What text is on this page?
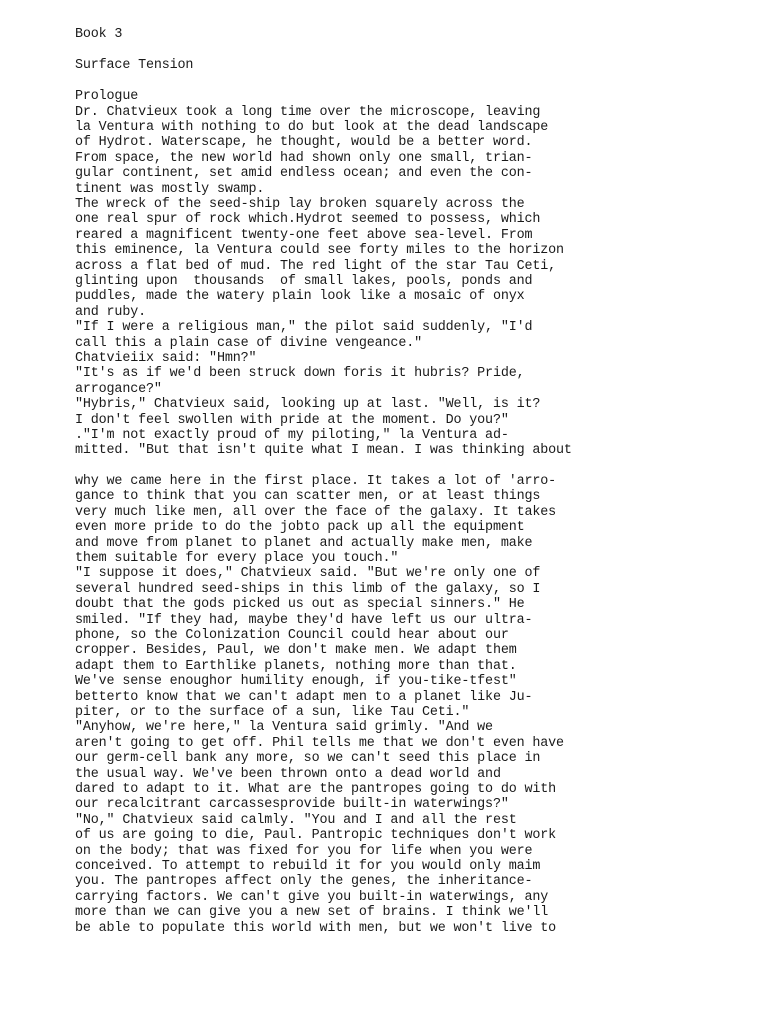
Book 3

Surface Tension

Prologue

Dr. Chatvieux took a long time over the microscope, leaving

la Ventura with nothing to do but look at the dead landscape

of Hydrot. Waterscape, he thought, would be a better word.

From space, the new world had shown only one small, trian-

gular continent, set amid endless ocean; and even the con-

tinent was mostly swamp.

The wreck of the seed-ship lay broken squarely across the

one real spur of rock which.Hydrot seemed to possess, which

reared a magnificent twenty-one feet above sea-level. From

this eminence, la Ventura could see forty miles to the horizon

across a flat bed of mud. The red light of the star Tau Ceti,

glinting upon  thousands  of small lakes, pools, ponds and

puddles, made the watery plain look like a mosaic of onyx

and ruby.

"If I were a religious man," the pilot said suddenly, "I'd

call this a plain case of divine vengeance."

Chatvieiix said: "Hmn?"

"It's as if we'd been struck down foris it hubris? Pride,

arrogance?"

"Hybris," Chatvieux said, looking up at last. "Well, is it?

I don't feel swollen with pride at the moment. Do you?"

."I'm not exactly proud of my piloting," la Ventura ad-

mitted. "But that isn't quite what I mean. I was thinking about

why we came here in the first place. It takes a lot of 'arro-

gance to think that you can scatter men, or at least things

very much like men, all over the face of the galaxy. It takes

even more pride to do the jobto pack up all the equipment

and move from planet to planet and actually make men, make

them suitable for every place you touch."

"I suppose it does," Chatvieux said. "But we're only one of

several hundred seed-ships in this limb of the galaxy, so I

doubt that the gods picked us out as special sinners." He

smiled. "If they had, maybe they'd have left us our ultra-

phone, so the Colonization Council could hear about our

cropper. Besides, Paul, we don't make men. We adapt them

adapt them to Earthlike planets, nothing more than that.

We've sense enoughor humility enough, if you-tike-tfest"

betterto know that we can't adapt men to a planet like Ju-

piter, or to the surface of a sun, like Tau Ceti."

"Anyhow, we're here," la Ventura said grimly. "And we

aren't going to get off. Phil tells me that we don't even have

our germ-cell bank any more, so we can't seed this place in

the usual way. We've been thrown onto a dead world and

dared to adapt to it. What are the pantropes going to do with

our recalcitrant carcassesprovide built-in waterwings?"

"No," Chatvieux said calmly. "You and I and all the rest

of us are going to die, Paul. Pantropic techniques don't work

on the body; that was fixed for you for life when you were

conceived. To attempt to rebuild it for you would only maim

you. The pantropes affect only the genes, the inheritance-

carrying factors. We can't give you built-in waterwings, any

more than we can give you a new set of brains. I think we'll

be able to populate this world with men, but we won't live to
